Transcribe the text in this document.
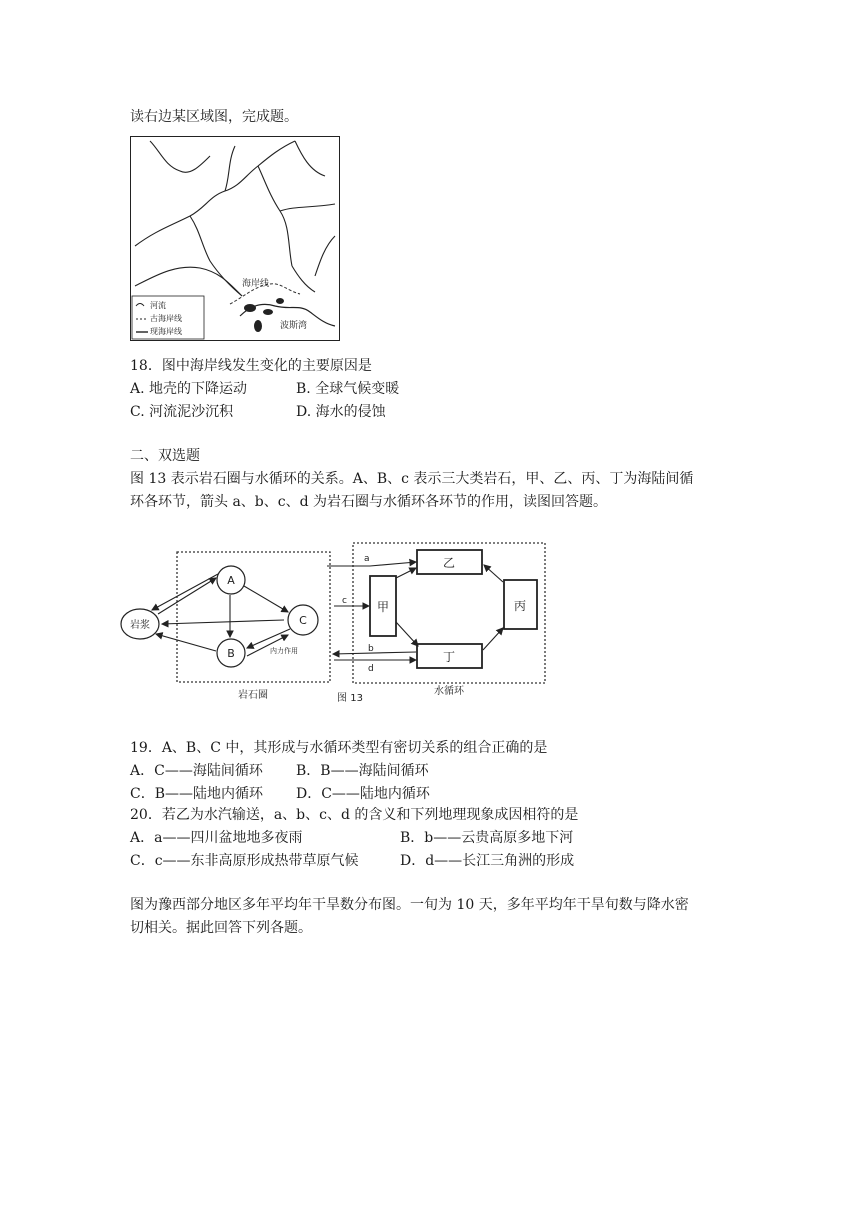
读右边某区域图，完成题。
海岸线
波斯湾
河流
古海岸线
现海岸线
18．图中海岸线发生变化的主要原因是
A. 地壳的下降运动	B. 全球气候变暖
C. 河流泥沙沉积	D. 海水的侵蚀
二、双选题
图 13 表示岩石圈与水循环的关系。A、B、c 表示三大类岩石，甲、乙、丙、丁为海陆间循
环各环节，箭头 a、b、c、d 为岩石圈与水循环各环节的作用，读图回答题。
A
B
C
岩浆
内力作用
乙
甲	丙
丁
a
c
b
d
岩石圈	图 13
水循环
19．A、B、C 中，其形成与水循环类型有密切关系的组合正确的是
A．C——海陆间循环 B．B——海陆间循环
C．B——陆地内循环 D．C——陆地内循环
20．若乙为水汽输送，a、b、c、d 的含义和下列地理现象成因相符的是
A．a——四川盆地地多夜雨	B．b——云贵高原多地下河
C．c——东非高原形成热带草原气候	D．d——长江三角洲的形成
图为豫西部分地区多年平均年干旱数分布图。一旬为 10 天，多年平均年干旱旬数与降水密
切相关。据此回答下列各题。
